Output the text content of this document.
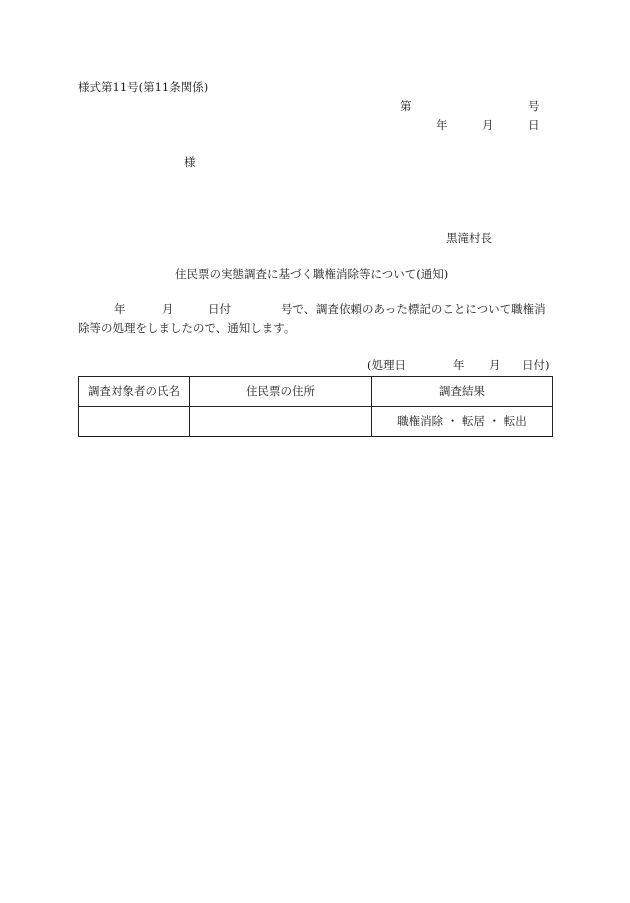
様式第11号(第11条関係)
第	号
年	月	日
様
黒滝村長
住民票の実態調査に基づく職権消除等について(通知)
年	月	日付	号で、 調査依頼のあった標記のことについて職権消
除等の処理をしましたので、通知します。
(処理日	年 月 日付)
調査対象者の氏名	住民票の住所	調査結果
		職権消除 ・ 転居 ・ 転出
